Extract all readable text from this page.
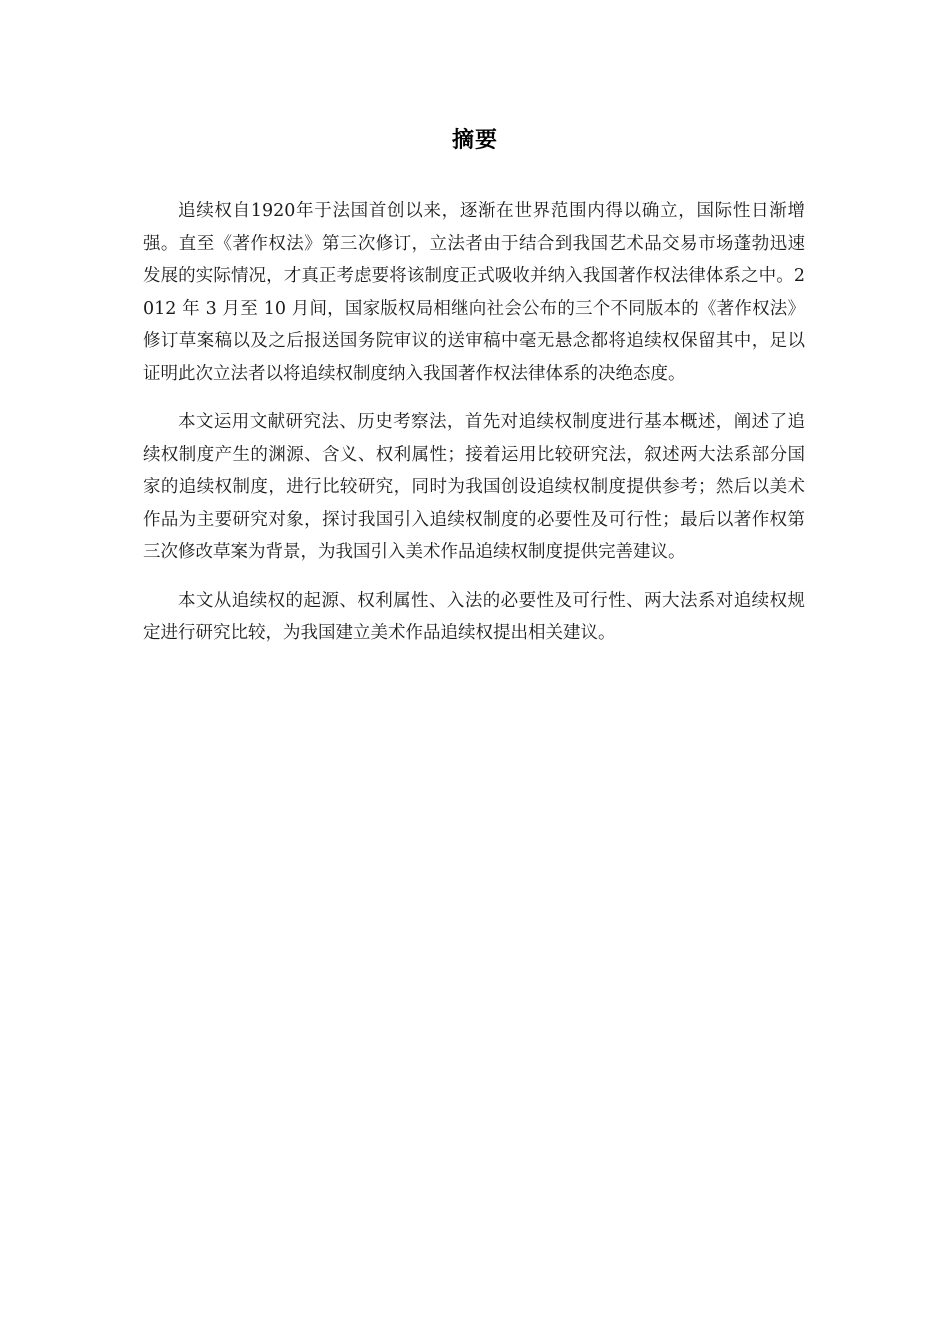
摘要

追续权自1920年于法国首创以来，逐渐在世界范围内得以确立，国际性日渐增强。直至《著作权法》第三次修订，立法者由于结合到我国艺术品交易市场蓬勃迅速发展的实际情况，才真正考虑要将该制度正式吸收并纳入我国著作权法律体系之中。2012 年 3 月至 10 月间，国家版权局相继向社会公布的三个不同版本的《著作权法》修订草案稿以及之后报送国务院审议的送审稿中毫无悬念都将追续权保留其中，足以证明此次立法者以将追续权制度纳入我国著作权法律体系的决绝态度。

本文运用文献研究法、历史考察法，首先对追续权制度进行基本概述，阐述了追续权制度产生的渊源、含义、权利属性；接着运用比较研究法，叙述两大法系部分国家的追续权制度，进行比较研究，同时为我国创设追续权制度提供参考；然后以美术作品为主要研究对象，探讨我国引入追续权制度的必要性及可行性；最后以著作权第三次修改草案为背景，为我国引入美术作品追续权制度提供完善建议。

本文从追续权的起源、权利属性、入法的必要性及可行性、两大法系对追续权规定进行研究比较，为我国建立美术作品追续权提出相关建议。
